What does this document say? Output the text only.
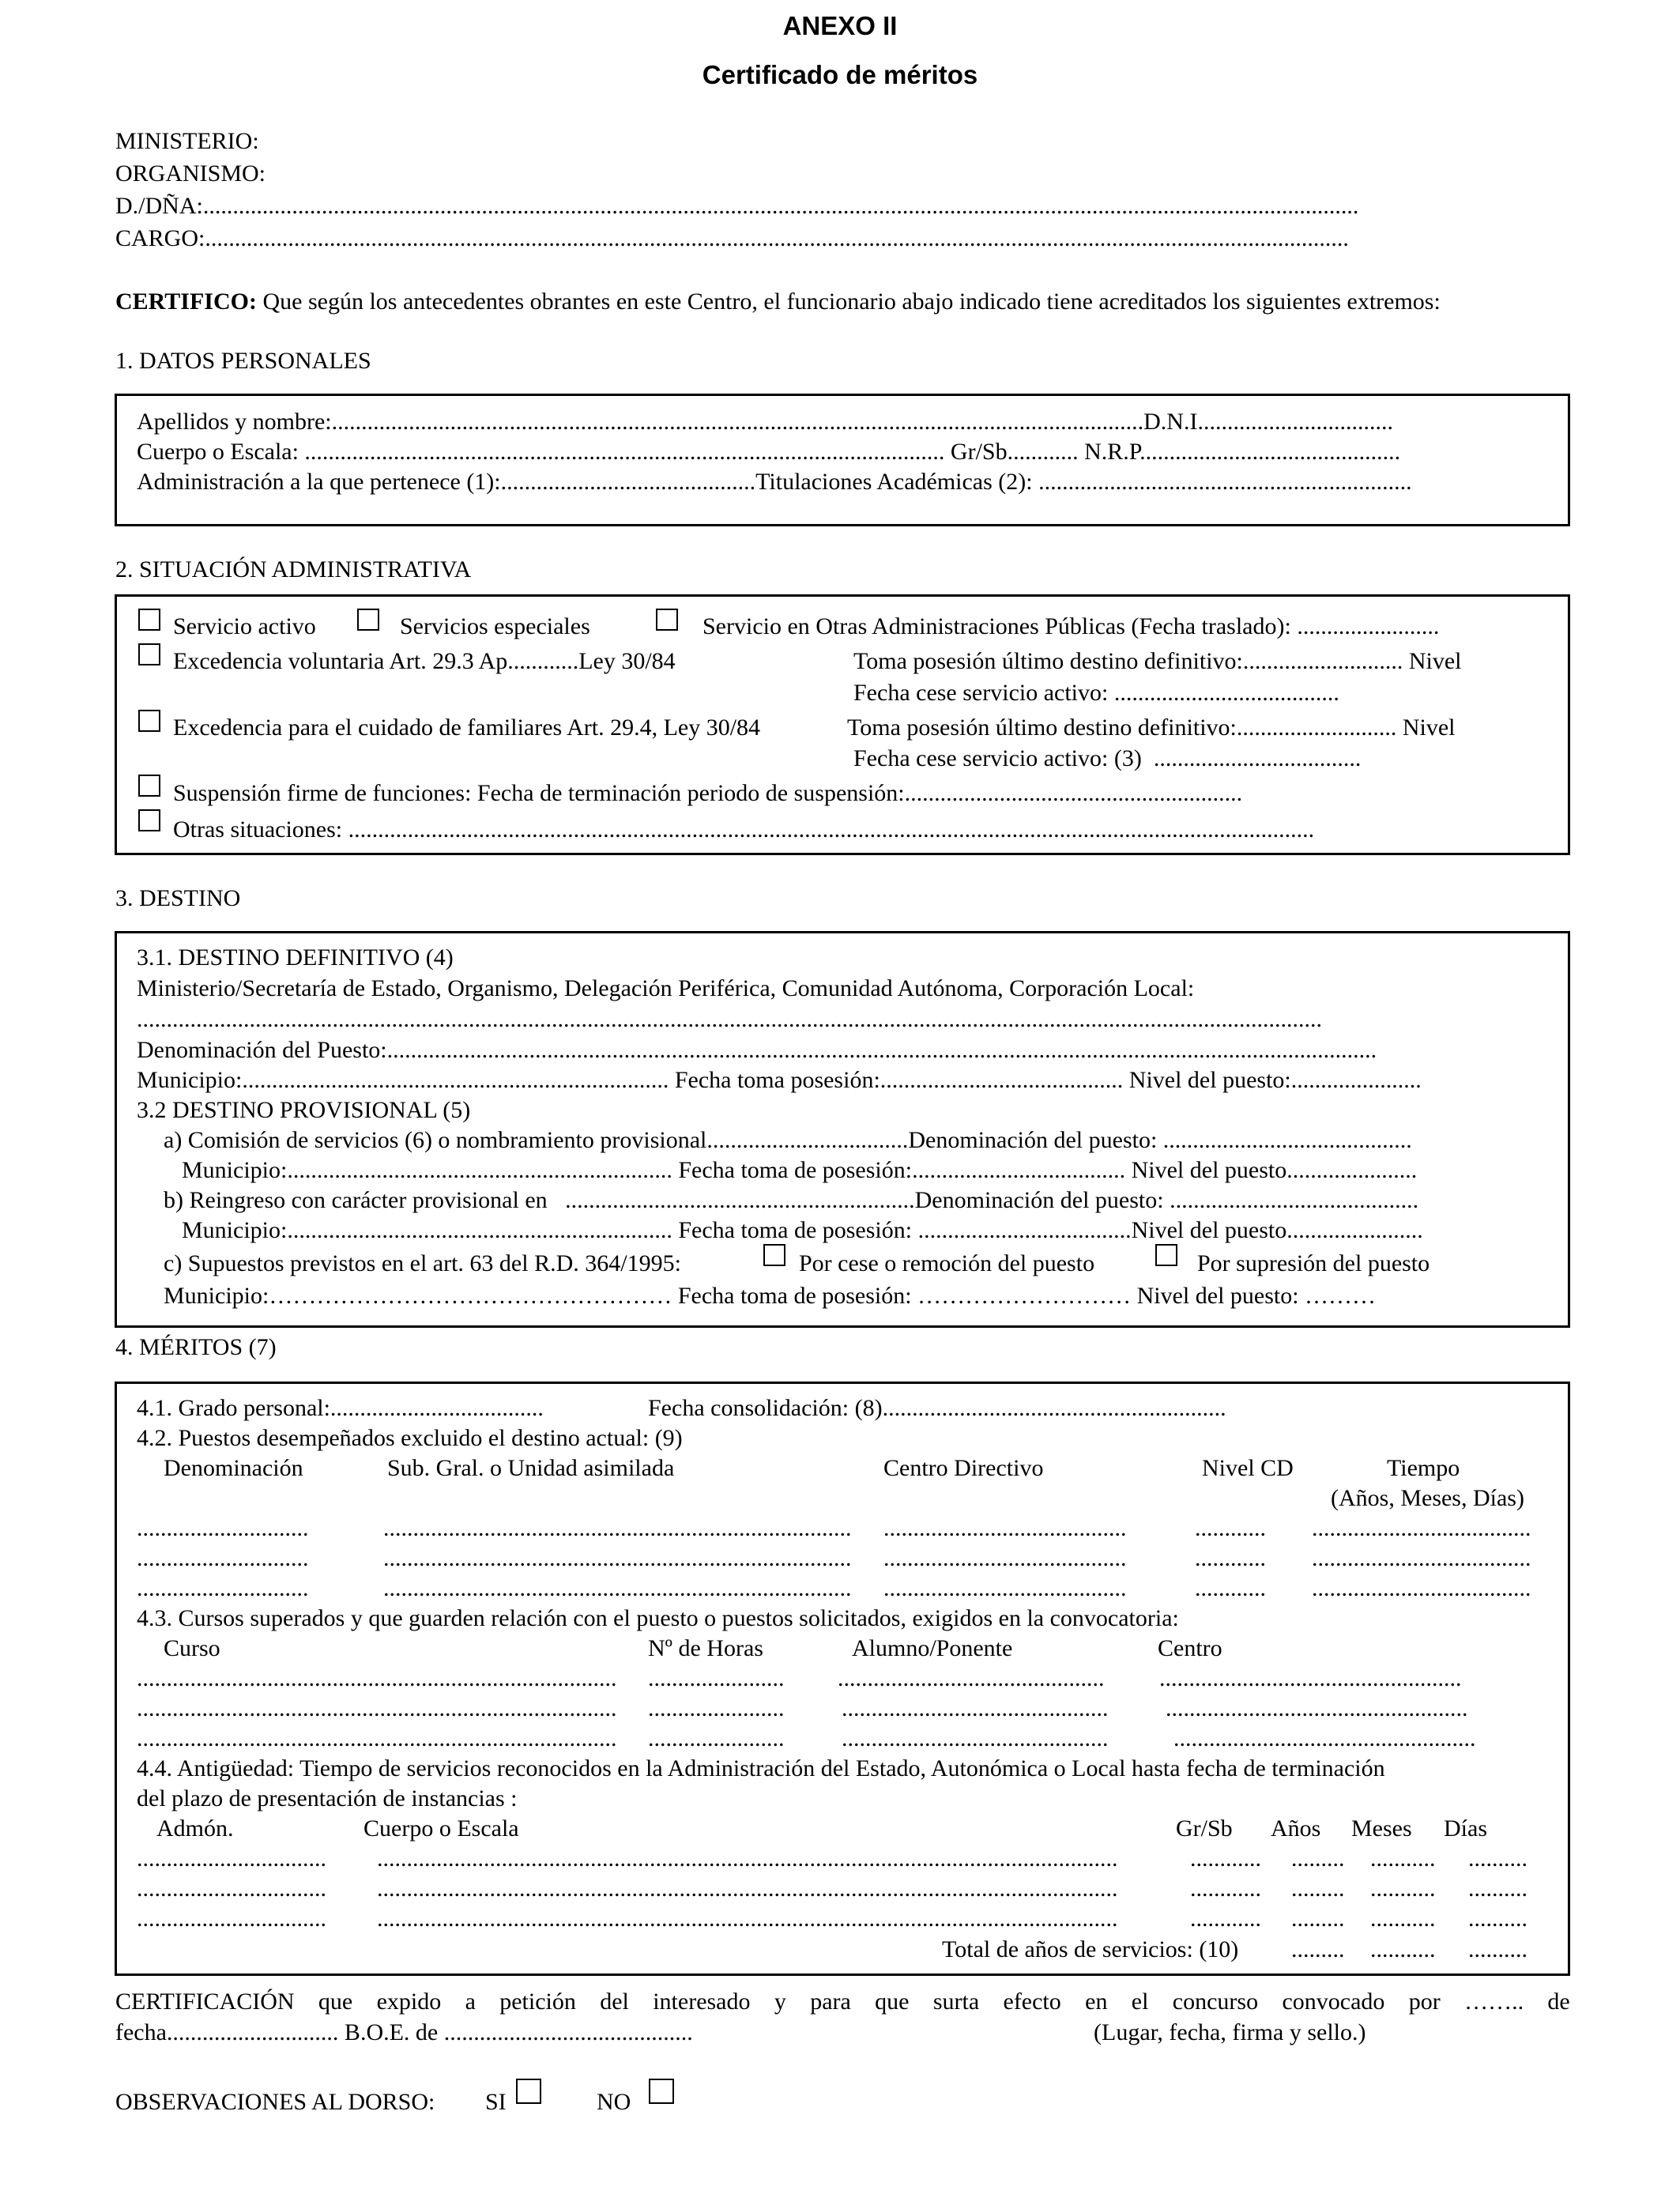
ANEXO II
Certificado de méritos
MINISTERIO:
ORGANISMO:
D./DÑA:...................................................................................................................................................................................................
CARGO:.................................................................................................................................................................................................
CERTIFICO: Que según los antecedentes obrantes en este Centro, el funcionario abajo indicado tiene acreditados los siguientes extremos:
1. DATOS PERSONALES
Apellidos y nombre:.........................................................................................................................................D.N.I.................................
Cuerpo o Escala: ............................................................................................................ Gr/Sb............ N.R.P............................................
Administración a la que pertenece (1):...........................................Titulaciones Académicas (2): ...............................................................
2. SITUACIÓN ADMINISTRATIVA
Servicio activo	Servicios especiales	Servicio en Otras Administraciones Públicas (Fecha traslado): ........................
Excedencia voluntaria Art. 29.3 Ap............Ley 30/84	Toma posesión último destino definitivo:........................... Nivel
Fecha cese servicio activo: ......................................
Excedencia para el cuidado de familiares Art. 29.4, Ley 30/84	Toma posesión último destino definitivo:........................... Nivel
Fecha cese servicio activo: (3)  ...................................
Suspensión firme de funciones: Fecha de terminación periodo de suspensión:.........................................................
Otras situaciones: ...................................................................................................................................................................
3. DESTINO
3.1. DESTINO DEFINITIVO (4)
Ministerio/Secretaría de Estado, Organismo, Delegación Periférica, Comunidad Autónoma, Corporación Local:
........................................................................................................................................................................................................
Denominación del Puesto:.......................................................................................................................................................................
Municipio:........................................................................ Fecha toma posesión:......................................... Nivel del puesto:......................
3.2 DESTINO PROVISIONAL (5)
a) Comisión de servicios (6) o nombramiento provisional..................................Denominación del puesto: ..........................................
Municipio:................................................................. Fecha toma de posesión:.................................... Nivel del puesto......................
b) Reingreso con carácter provisional en   ...........................................................Denominación del puesto: ..........................................
Municipio:................................................................. Fecha toma de posesión: ....................................Nivel del puesto.......................
c) Supuestos previstos en el art. 63 del R.D. 364/1995:	Por cese o remoción del puesto	Por supresión del puesto
Municipio:…………………………………………… Fecha toma de posesión: ……………………… Nivel del puesto: ………
4. MÉRITOS (7)
4.1. Grado personal:....................................	Fecha consolidación: (8)..........................................................
4.2. Puestos desempeñados excluido el destino actual: (9)
Denominación	Sub. Gral. o Unidad asimilada	Centro Directivo	Nivel CD	Tiempo
(Años, Meses, Días)
.............................	............................................................................... .........................................	............ .....................................
.............................	............................................................................... .........................................	............ .....................................
.............................	............................................................................... .........................................	............ .....................................
4.3. Cursos superados y que guarden relación con el puesto o puestos solicitados, exigidos en la convocatoria:
Curso	Nº de Horas	Alumno/Ponente	Centro
................................................................................. ....................... ............................................. ...................................................
................................................................................. ....................... ............................................. ...................................................
................................................................................. ....................... .............................................	...................................................
4.4. Antigüedad: Tiempo de servicios reconocidos en la Administración del Estado, Autonómica o Local hasta fecha de terminación
del plazo de presentación de instancias :
Admón.	Cuerpo o Escala	Gr/Sb Años Meses Días
................................ .............................................................................................................................	............ ......... ........... ..........
................................ .............................................................................................................................	............ ......... ........... ..........
................................ .............................................................................................................................	............ ......... ........... ..........
Total de años de servicios: (10) ......... ........... ..........
CERTIFICACIÓN que expido a petición del interesado y para que surta efecto en el concurso convocado por …….. de
fecha............................. B.O.E. de ..........................................	(Lugar, fecha, firma y sello.)
OBSERVACIONES AL DORSO: SI	NO
